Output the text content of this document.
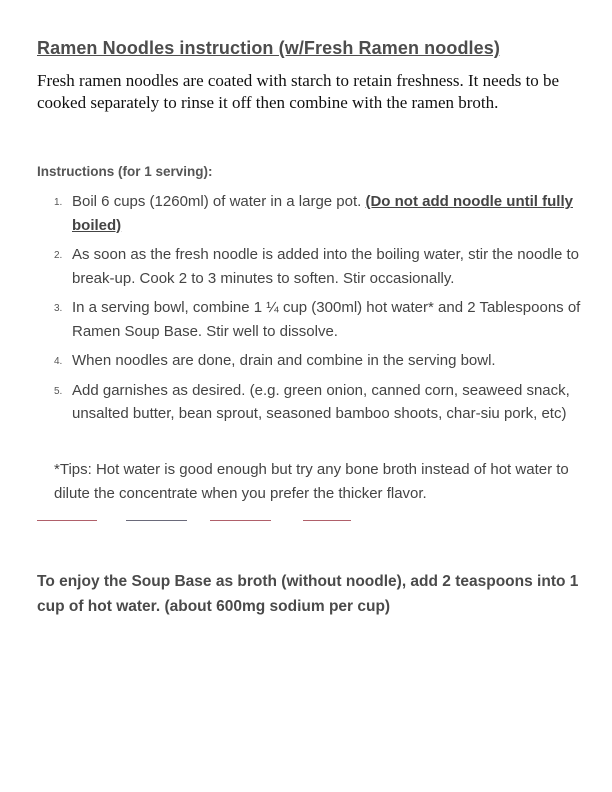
Ramen Noodles instruction (w/Fresh Ramen noodles)

Fresh ramen noodles are coated with starch to retain freshness. It needs to be cooked separately to rinse it off then combine with the ramen broth.

Instructions (for 1 serving):
1. Boil 6 cups (1260ml) of water in a large pot. (Do not add noodle until fully boiled)
2. As soon as the fresh noodle is added into the boiling water, stir the noodle to break-up. Cook 2 to 3 minutes to soften. Stir occasionally.
3. In a serving bowl, combine 1 ¼ cup (300ml) hot water* and 2 Tablespoons of Ramen Soup Base. Stir well to dissolve.
4. When noodles are done, drain and combine in the serving bowl.
5. Add garnishes as desired. (e.g. green onion, canned corn, seaweed snack, unsalted butter, bean sprout, seasoned bamboo shoots, char-siu pork, etc)

*Tips: Hot water is good enough but try any bone broth instead of hot water to dilute the concentrate when you prefer the thicker flavor.

To enjoy the Soup Base as broth (without noodle), add 2 teaspoons into 1 cup of hot water. (about 600mg sodium per cup)
